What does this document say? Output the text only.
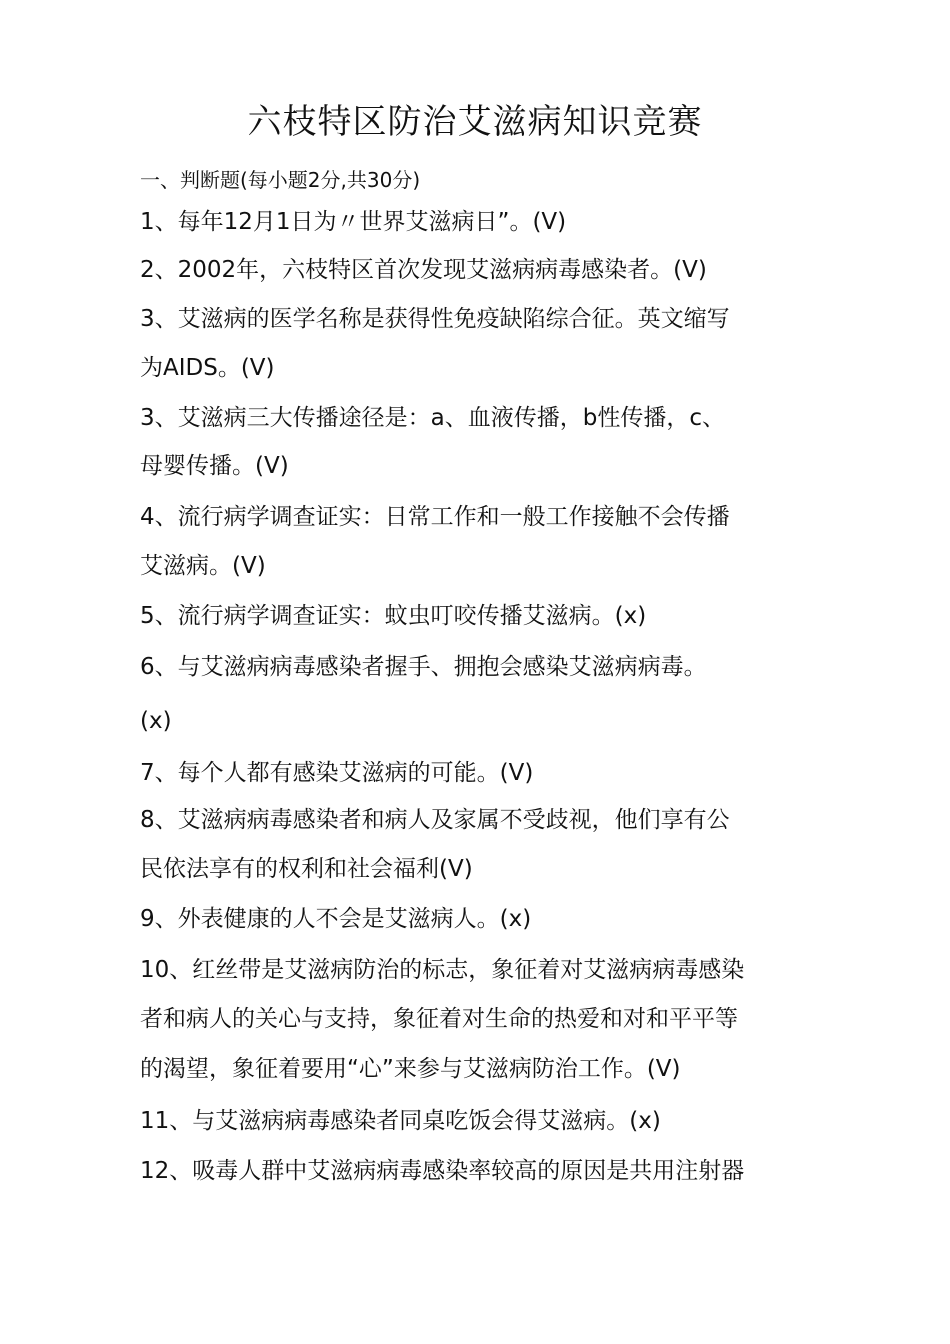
六枝特区防治艾滋病知识竞赛
一、判断题(每小题2分,共30分)
1、每年12月1日为〃世界艾滋病日”。(V)
2、2002年，六枝特区首次发现艾滋病病毒感染者。(V)
3、艾滋病的医学名称是获得性免疫缺陷综合征。英文缩写
为AIDS。(V)
3、艾滋病三大传播途径是：a、血液传播，b性传播，c、
母婴传播。(V)
4、流行病学调查证实：日常工作和一般工作接触不会传播
艾滋病。(V)
5、流行病学调查证实：蚊虫叮咬传播艾滋病。(x)
6、与艾滋病病毒感染者握手、拥抱会感染艾滋病病毒。
(x)
7、每个人都有感染艾滋病的可能。(V)
8、艾滋病病毒感染者和病人及家属不受歧视，他们享有公
民依法享有的权利和社会福利(V)
9、外表健康的人不会是艾滋病人。(x)
10、红丝带是艾滋病防治的标志，象征着对艾滋病病毒感染
者和病人的关心与支持，象征着对生命的热爱和对和平平等
的渴望，象征着要用“心”来参与艾滋病防治工作。(V)
11、与艾滋病病毒感染者同桌吃饭会得艾滋病。(x)
12、吸毒人群中艾滋病病毒感染率较高的原因是共用注射器
